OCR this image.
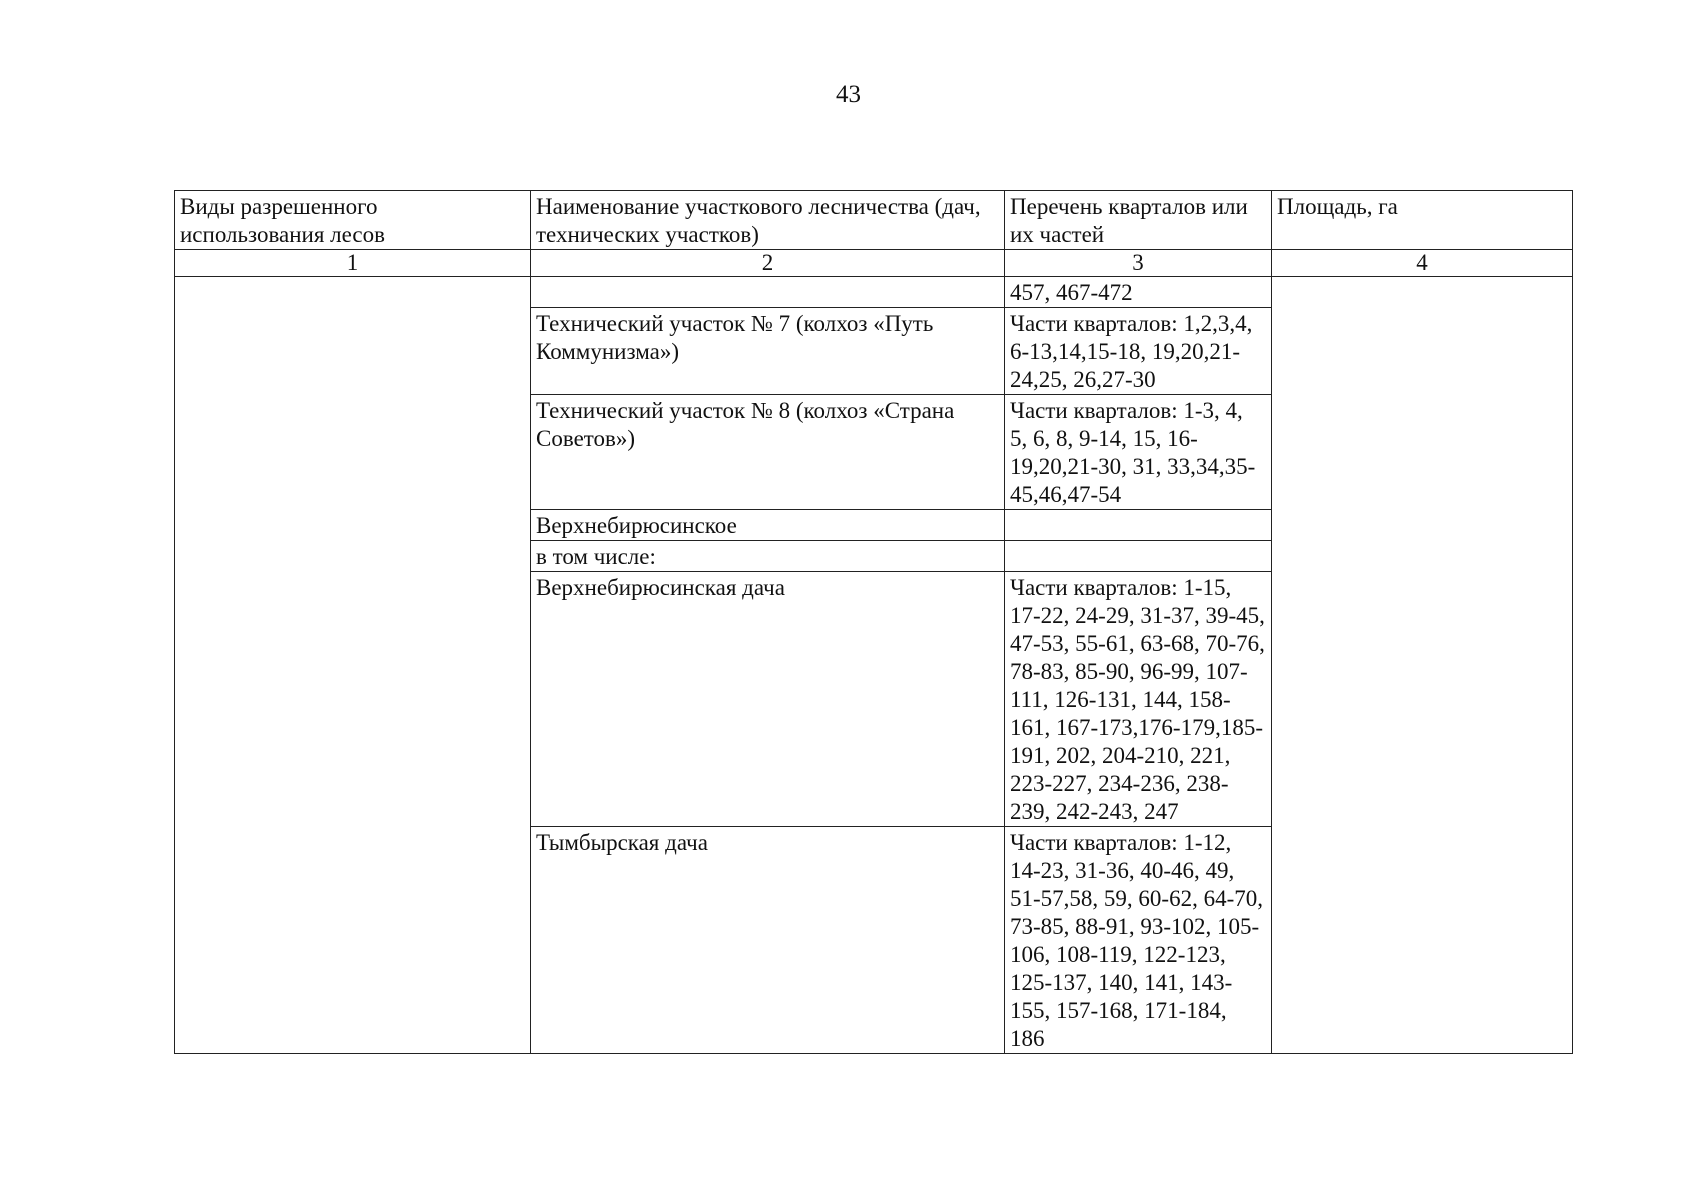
43
Виды разрешенного использования лесов	Наименование участкового лесничества (дач, технических участков)	Перечень кварталов или их частей	Площадь, га
1	2	3	4
		457, 467-472	
	Технический участок № 7 (колхоз «Путь Коммунизма»)	Части кварталов: 1,2,3,4, 6-13,14,15-18, 19,20,21-24,25, 26,27-30	
	Технический участок № 8 (колхоз «Страна Советов»)	Части кварталов: 1-3, 4, 5, 6, 8, 9-14, 15, 16-19,20,21-30, 31, 33,34,35-45,46,47-54	
	Верхнебирюсинское		
	в том числе:		
	Верхнебирюсинская дача	Части кварталов: 1-15, 17-22, 24-29, 31-37, 39-45, 47-53, 55-61, 63-68, 70-76, 78-83, 85-90, 96-99, 107-111, 126-131, 144, 158-161, 167-173,176-179,185-191, 202, 204-210, 221, 223-227, 234-236, 238-239, 242-243, 247	
	Тымбырская дача	Части кварталов: 1-12, 14-23, 31-36, 40-46, 49, 51-57,58, 59, 60-62, 64-70, 73-85, 88-91, 93-102, 105-106, 108-119, 122-123, 125-137, 140, 141, 143-155, 157-168, 171-184, 186	
